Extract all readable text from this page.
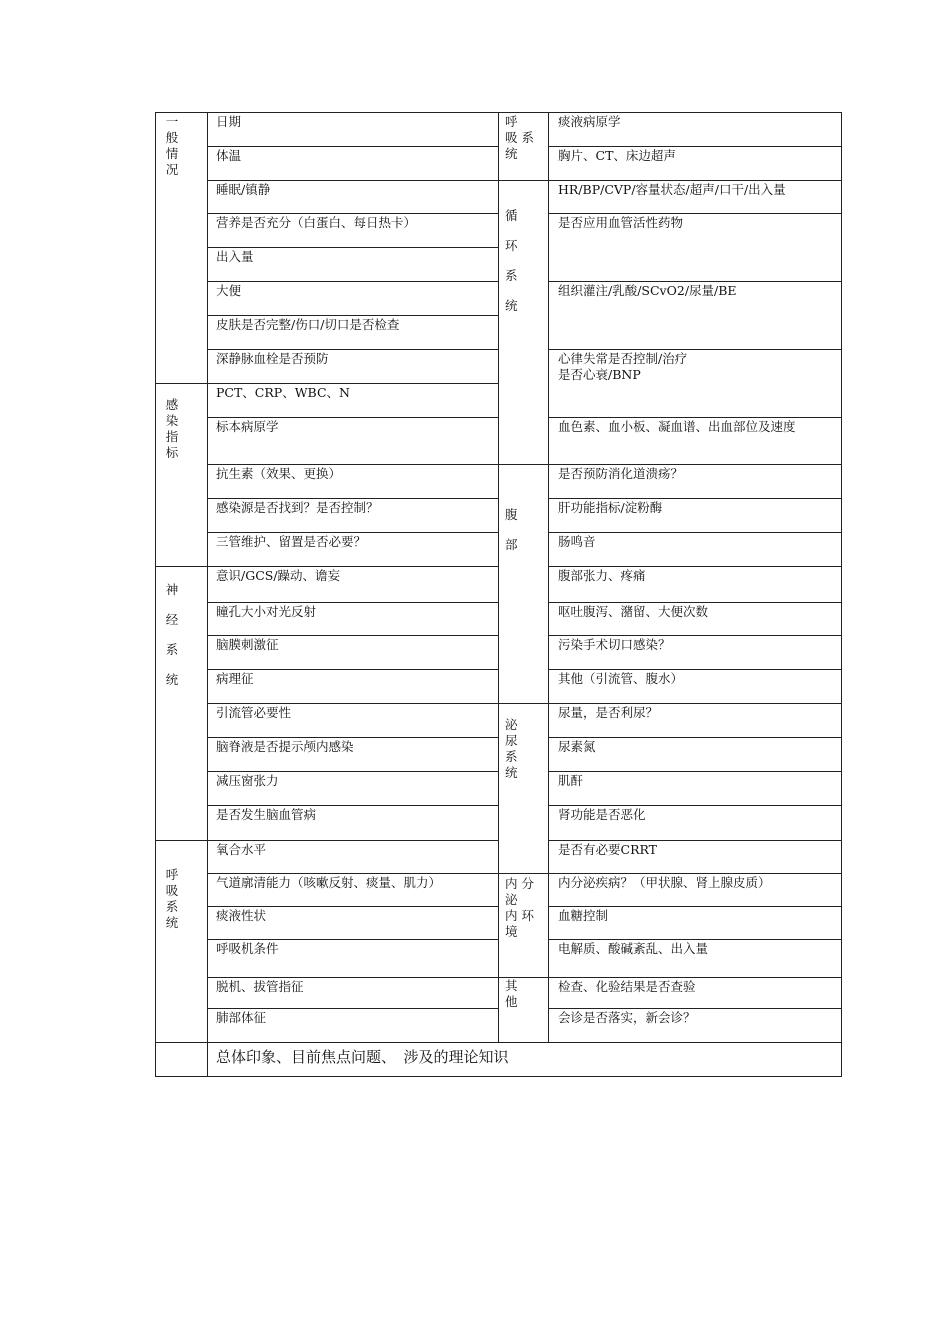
日期
体温
睡眠/镇静
营养是否充分（白蛋白、每日热卡）
出入量
大便
皮肤是否完整/伤口/切口是否检查
深静脉血栓是否预防
PCT、CRP、WBC、N
标本病原学
抗生素（效果、更换）
感染源是否找到？是否控制？
三管维护、留置是否必要？
意识/GCS/躁动、谵妄
瞳孔大小对光反射
脑膜刺激征
病理征
引流管必要性
脑脊液是否提示颅内感染
减压窗张力
是否发生脑血管病
氧合水平
气道廓清能力（咳嗽反射、痰量、肌力）
痰液性状
呼吸机条件
脱机、拔管指征
肺部体征
痰液病原学
胸片、CT、床边超声
HR/BP/CVP/容量状态/超声/口干/出入量
是否应用血管活性药物
组织灌注/乳酸/SCvO2/尿量/BE
心律失常是否控制/治疗
是否心衰/BNP
血色素、血小板、凝血谱、出血部位及速度
是否预防消化道溃疡？
肝功能指标/淀粉酶
肠鸣音
腹部张力、疼痛
呕吐腹泻、潴留、大便次数
污染手术切口感染？
其他（引流管、腹水）
尿量，是否利尿？
尿素氮
肌酐
肾功能是否恶化
是否有必要CRRT
内分泌疾病？（甲状腺、肾上腺皮质）
血糖控制
电解质、酸碱紊乱、出入量
检查、化验结果是否查验
会诊是否落实，新会诊？
一
般
情
况
感
染
指
标
神
经
系
统
呼
吸
系
统
呼
吸 系
统
循
环
系
统
腹
部
泌
尿
系
统
内 分
泌
内 环
境
其
他
总体印象、目前焦点问题、　涉及的理论知识
